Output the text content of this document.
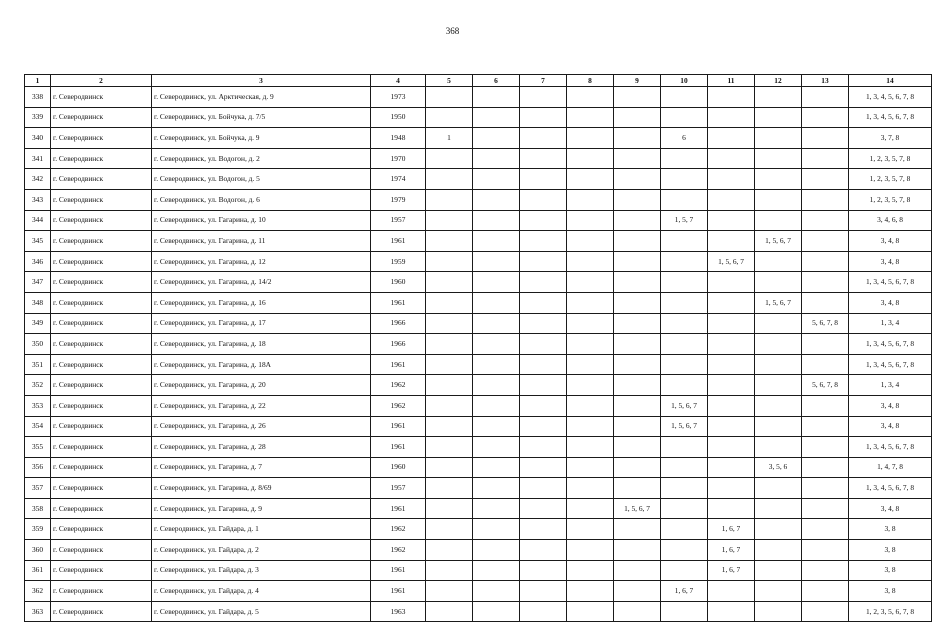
368
1	2	3	4	5	6	7	8	9	10	11	12	13	14
338	г. Северодвинск	г. Северодвинск, ул. Арктическая, д. 9	1973										1, 3, 4, 5, 6, 7, 8
339	г. Северодвинск	г. Северодвинск, ул. Бойчука, д. 7/5	1950										1, 3, 4, 5, 6, 7, 8
340	г. Северодвинск	г. Северодвинск, ул. Бойчука, д. 9	1948	1					6				3, 7, 8
341	г. Северодвинск	г. Северодвинск, ул. Водогон, д. 2	1970										1, 2, 3, 5, 7, 8
342	г. Северодвинск	г. Северодвинск, ул. Водогон, д. 5	1974										1, 2, 3, 5, 7, 8
343	г. Северодвинск	г. Северодвинск, ул. Водогон, д. 6	1979										1, 2, 3, 5, 7, 8
344	г. Северодвинск	г. Северодвинск, ул. Гагарина, д. 10	1957						1, 5, 7				3, 4, 6, 8
345	г. Северодвинск	г. Северодвинск, ул. Гагарина, д. 11	1961								1, 5, 6, 7		3, 4, 8
346	г. Северодвинск	г. Северодвинск, ул. Гагарина, д. 12	1959							1, 5, 6, 7			3, 4, 8
347	г. Северодвинск	г. Северодвинск, ул. Гагарина, д. 14/2	1960										1, 3, 4, 5, 6, 7, 8
348	г. Северодвинск	г. Северодвинск, ул. Гагарина, д. 16	1961								1, 5, 6, 7		3, 4, 8
349	г. Северодвинск	г. Северодвинск, ул. Гагарина, д. 17	1966									5, 6, 7, 8	1, 3, 4
350	г. Северодвинск	г. Северодвинск, ул. Гагарина, д. 18	1966										1, 3, 4, 5, 6, 7, 8
351	г. Северодвинск	г. Северодвинск, ул. Гагарина, д. 18А	1961										1, 3, 4, 5, 6, 7, 8
352	г. Северодвинск	г. Северодвинск, ул. Гагарина, д. 20	1962									5, 6, 7, 8	1, 3, 4
353	г. Северодвинск	г. Северодвинск, ул. Гагарина, д. 22	1962						1, 5, 6, 7				3, 4, 8
354	г. Северодвинск	г. Северодвинск, ул. Гагарина, д. 26	1961						1, 5, 6, 7				3, 4, 8
355	г. Северодвинск	г. Северодвинск, ул. Гагарина, д. 28	1961										1, 3, 4, 5, 6, 7, 8
356	г. Северодвинск	г. Северодвинск, ул. Гагарина, д. 7	1960								3, 5, 6		1, 4, 7, 8
357	г. Северодвинск	г. Северодвинск, ул. Гагарина, д. 8/69	1957										1, 3, 4, 5, 6, 7, 8
358	г. Северодвинск	г. Северодвинск, ул. Гагарина, д. 9	1961					1, 5, 6, 7					3, 4, 8
359	г. Северодвинск	г. Северодвинск, ул. Гайдара, д. 1	1962							1, 6, 7			3, 8
360	г. Северодвинск	г. Северодвинск, ул. Гайдара, д. 2	1962							1, 6, 7			3, 8
361	г. Северодвинск	г. Северодвинск, ул. Гайдара, д. 3	1961							1, 6, 7			3, 8
362	г. Северодвинск	г. Северодвинск, ул. Гайдара, д. 4	1961						1, 6, 7				3, 8
363	г. Северодвинск	г. Северодвинск, ул. Гайдара, д. 5	1963										1, 2, 3, 5, 6, 7, 8
